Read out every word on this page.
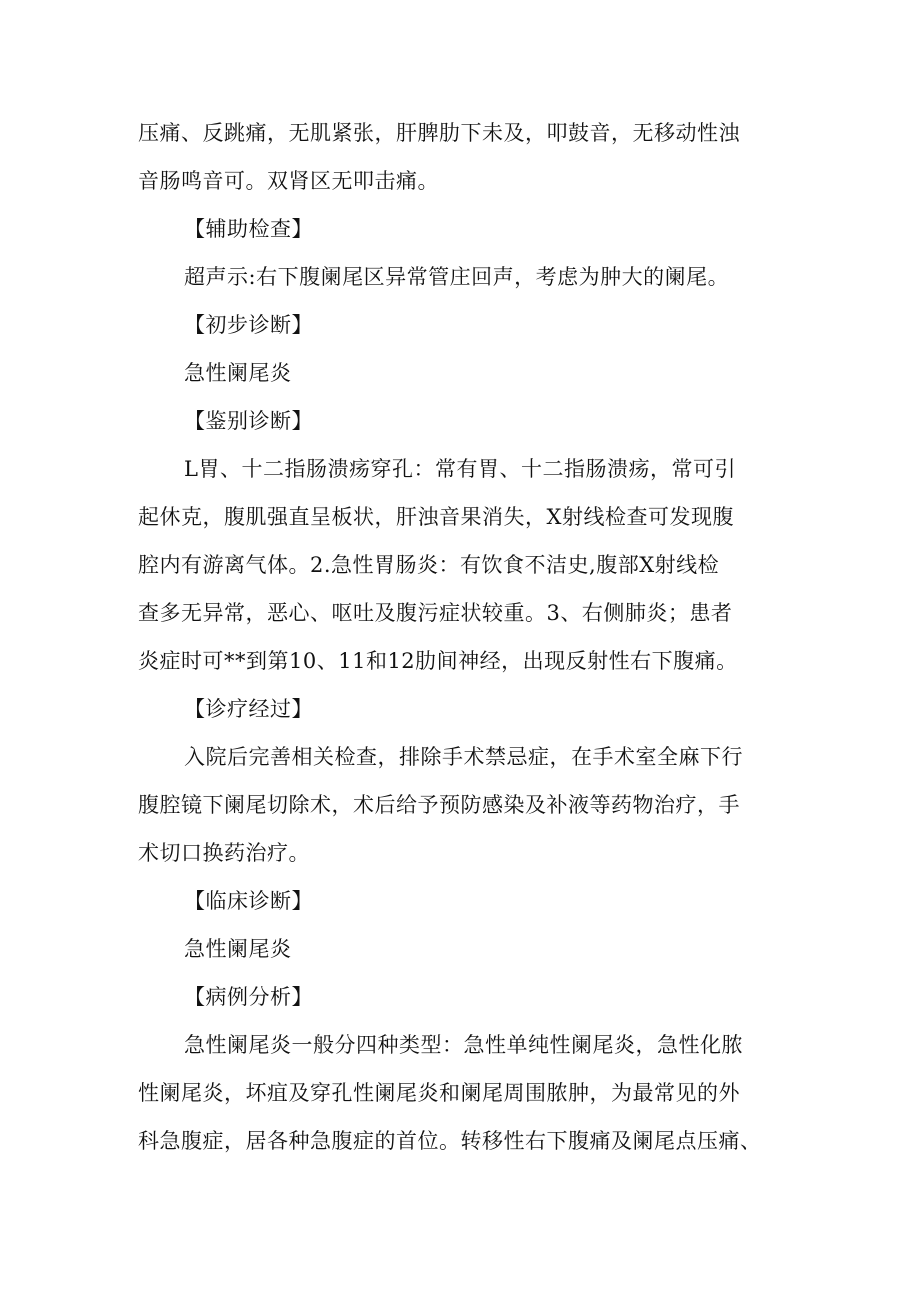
压痛、反跳痛，无肌紧张，肝脾肋下未及，叩鼓音，无移动性浊
音肠鸣音可。双肾区无叩击痛。
【辅助检查】
超声示:右下腹阑尾区异常管庄回声，考虑为肿大的阑尾。
【初步诊断】
急性阑尾炎
【鉴别诊断】
L胃、十二指肠溃疡穿孔：常有胃、十二指肠溃疡，常可引
起休克，腹肌强直呈板状，肝浊音果消失，X射线检查可发现腹
腔内有游离气体。2.急性胃肠炎：有饮食不洁史,腹部X射线检
查多无异常，恶心、呕吐及腹污症状较重。3、右侧肺炎；患者
炎症时可**到第10、11和12肋间神经，出现反射性右下腹痛。
【诊疗经过】
入院后完善相关检查，排除手术禁忌症，在手术室全麻下行
腹腔镜下阑尾切除术，术后给予预防感染及补液等药物治疗，手
术切口换药治疗。
【临床诊断】
急性阑尾炎
【病例分析】
急性阑尾炎一般分四种类型：急性单纯性阑尾炎，急性化脓
性阑尾炎，坏疽及穿孔性阑尾炎和阑尾周围脓肿，为最常见的外
科急腹症，居各种急腹症的首位。转移性右下腹痛及阑尾点压痛、
